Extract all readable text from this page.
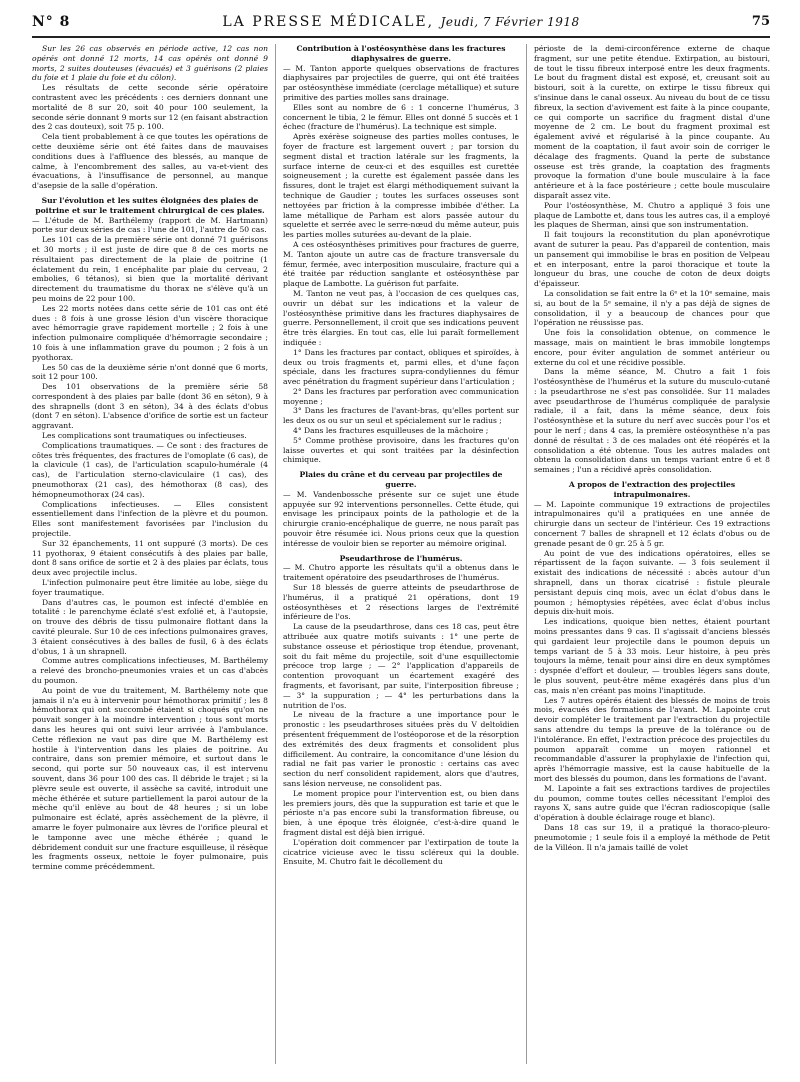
N° 8	LA PRESSE MÉDICALE, Jeudi, 7 Février 1918	75

Sur les 26 cas observés en période active, 12 cas non opérés ont donné 12 morts, 14 cas opérés ont donné 9 morts, 2 suites douteuses (évacués) et 3 guérisons (2 plaies du foie et 1 plaie du foie et du côlon).

Les résultats de cette seconde série opératoire contrastent avec les précédents : ces derniers donnant une mortalité de 8 sur 20, soit 40 pour 100 seulement, la seconde série donnant 9 morts sur 12 (en faisant abstraction des 2 cas douteux), soit 75 p. 100.

Cela tient probablement à ce que toutes les opérations de cette deuxième série ont été faites dans de mauvaises conditions dues à l'affluence des blessés, au manque de calme, à l'encombrement des salles, au va-et-vient des évacuations, à l'insuffisance de personnel, au manque d'asepsie de la salle d'opération.

Sur l'évolution et les suites éloignées des plaies de poitrine et sur le traitement chirurgical de ces plaies.

— L'étude de M. Barthélemy (rapport de M. Hartmann) porte sur deux séries de cas : l'une de 101, l'autre de 50 cas.

Les 101 cas de la première série ont donné 71 guérisons et 30 morts ; il est juste de dire que 8 de ces morts ne résultaient pas directement de la plaie de poitrine (1 éclatement du rein, 1 encéphalite par plaie du cerveau, 2 embolies, 6 tétanos), si bien que la mortalité dérivant directement du traumatisme du thorax ne s'élève qu'à un peu moins de 22 pour 100.

Les 22 morts notées dans cette série de 101 cas ont été dues : 8 fois à une grosse lésion d'un viscère thoracique avec hémorragie grave rapidement mortelle ; 2 fois à une infection pulmonaire compliquée d'hémorragie secondaire ; 10 fois à une inflammation grave du poumon ; 2 fois à un pyothorax.

Les 50 cas de la deuxième série n'ont donné que 6 morts, soit 12 pour 100.

Des 101 observations de la première série 58 correspondent à des plaies par balle (dont 36 en séton), 9 à des shrapnells (dont 3 en séton), 34 à des éclats d'obus (dont 7 en séton). L'absence d'orifice de sortie est un facteur aggravant.

Les complications sont traumatiques ou infectieuses.

Complications traumatiques. — Ce sont : des fractures de côtes très fréquentes, des fractures de l'omoplate (6 cas), de la clavicule (1 cas), de l'articulation scapulo-humérale (4 cas), de l'articulation sterno-claviculaire (1 cas), des pneumothorax (21 cas), des hémothorax (8 cas), des hémopneumothorax (24 cas).

Complications infectieuses. — Elles consistent essentiellement dans l'infection de la plèvre et du poumon. Elles sont manifestement favorisées par l'inclusion du projectile.

Sur 32 épanchements, 11 ont suppuré (3 morts). De ces 11 pyothorax, 9 étaient consécutifs à des plaies par balle, dont 8 sans orifice de sortie et 2 à des plaies par éclats, tous deux avec projectile inclus.

L'infection pulmonaire peut être limitée au lobe, siège du foyer traumatique.

Dans d'autres cas, le poumon est infecté d'emblée en totalité : le parenchyme éclaté s'est exfolié et, à l'autopsie, on trouve des débris de tissu pulmonaire flottant dans la cavité pleurale. Sur 10 de ces infections pulmonaires graves, 3 étaient consécutives à des balles de fusil, 6 à des éclats d'obus, 1 à un shrapnell.

Comme autres complications infectieuses, M. Barthélemy a relevé des broncho-pneumonies vraies et un cas d'abcès du poumon.

Au point de vue du traitement, M. Barthélemy note que jamais il n'a eu à intervenir pour hémothorax primitif ; les 8 hémothorax qui ont succombé étaient si choqués qu'on ne pouvait songer à la moindre intervention ; tous sont morts dans les heures qui ont suivi leur arrivée à l'ambulance. Cette réflexion ne vaut pas dire que M. Barthélemy est hostile à l'intervention dans les plaies de poitrine. Au contraire, dans son premier mémoire, et surtout dans le second, qui porte sur 50 nouveaux cas, il est intervenu souvent, dans 36 pour 100 des cas. Il débride le trajet ; si la plèvre seule est ouverte, il assèche sa cavité, introduit une mèche éthérée et suture partiellement la paroi autour de la mèche qu'il enlève au bout de 48 heures ; si un lobe pulmonaire est éclaté, après assèchement de la plèvre, il amarre le foyer pulmonaire aux lèvres de l'orifice pleural et le tamponne avec une mèche éthérée ; quand le débridement conduit sur une fracture esquilleuse, il résèque les fragments osseux, nettoie le foyer pulmonaire, puis termine comme précédemment.

Contribution à l'ostéosynthèse dans les fractures diaphysaires de guerre.

— M. Tanton apporte quelques observations de fractures diaphysaires par projectiles de guerre, qui ont été traitées par ostéosynthèse immédiate (cerclage métallique) et suture primitive des parties molles sans drainage.

Elles sont au nombre de 6 : 1 concerne l'humérus, 3 concernent le tibia, 2 le fémur. Elles ont donné 5 succès et 1 échec (fracture de l'humérus). La technique est simple.

Après exérèse soigneuse des parties molles contuses, le foyer de fracture est largement ouvert ; par torsion du segment distal et traction latérale sur les fragments, la surface interne de ceux-ci et des esquilles est curettée soigneusement ; la curette est également passée dans les fissures, dont le trajet est élargi méthodiquement suivant la technique de Gaudier ; toutes les surfaces osseuses sont nettoyées par friction à la compresse imbibée d'éther. La lame métallique de Parham est alors passée autour du squelette et serrée avec le serre-nœud du même auteur, puis les parties molles suturées au-devant de la plaie.

A ces ostéosynthèses primitives pour fractures de guerre, M. Tanton ajoute un autre cas de fracture transversale du fémur, fermée, avec interposition musculaire, fracture qui a été traitée par réduction sanglante et ostéosynthèse par plaque de Lambotte. La guérison fut parfaite.

M. Tanton ne veut pas, à l'occasion de ces quelques cas, ouvrir un débat sur les indications et la valeur de l'ostéosynthèse primitive dans les fractures diaphysaires de guerre. Personnellement, il croit que ses indications peuvent être très élargies. En tout cas, elle lui paraît formellement indiquée :

1° Dans les fractures par contact, obliques et spiroïdes, à deux ou trois fragments et, parmi elles, et d'une façon spéciale, dans les fractures supra-condyliennes du fémur avec pénétration du fragment supérieur dans l'articulation ;

2° Dans les fractures par perforation avec communication moyenne ;

3° Dans les fractures de l'avant-bras, qu'elles portent sur les deux os ou sur un seul et spécialement sur le radius ;

4° Dans les fractures esquilleuses de la mâchoire ;

5° Comme prothèse provisoire, dans les fractures qu'on laisse ouvertes et qui sont traitées par la désinfection chimique.

Plaies du crâne et du cerveau par projectiles de guerre.

— M. Vandenbossche présente sur ce sujet une étude appuyée sur 92 interventions personnelles. Cette étude, qui envisage les principaux points de la pathologie et de la chirurgie cranio-encéphalique de guerre, ne nous paraît pas pouvoir être résumée ici. Nous prions ceux que la question intéresse de vouloir bien se reporter au mémoire original.

Pseudarthrose de l'humérus.

— M. Chutro apporte les résultats qu'il a obtenus dans le traitement opératoire des pseudarthroses de l'humérus.

Sur 18 blessés de guerre atteints de pseudarthrose de l'humérus, il a pratiqué 21 opérations, dont 19 ostéosynthèses et 2 résections larges de l'extrémité inférieure de l'os.

La cause de la pseudarthrose, dans ces 18 cas, peut être attribuée aux quatre motifs suivants : 1° une perte de substance osseuse et périostique trop étendue, provenant, soit du fait même du projectile, soit d'une esquillectomie précoce trop large ; — 2° l'application d'appareils de contention provoquant un écartement exagéré des fragments, et favorisant, par suite, l'interposition fibreuse ; — 3° la suppuration ; — 4° les perturbations dans la nutrition de l'os.

Le niveau de la fracture a une importance pour le pronostic : les pseudarthroses situées près du V deltoïdien présentent fréquemment de l'ostéoporose et de la résorption des extrémités des deux fragments et consolident plus difficilement. Au contraire, la concomitance d'une lésion du radial ne fait pas varier le pronostic : certains cas avec section du nerf consolident rapidement, alors que d'autres, sans lésion nerveuse, ne consolident pas.

Le moment propice pour l'intervention est, ou bien dans les premiers jours, dès que la suppuration est tarie et que le périoste n'a pas encore subi la transformation fibreuse, ou bien, à une époque très éloignée, c'est-à-dire quand le fragment distal est déjà bien irrigué.

L'opération doit commencer par l'extirpation de toute la cicatrice vicieuse avec le tissu scléreux qui la double. Ensuite, M. Chutro fait le décollement du

périoste de la demi-circonférence externe de chaque fragment, sur une petite étendue. Extirpation, au bistouri, de tout le tissu fibreux interposé entre les deux fragments. Le bout du fragment distal est exposé, et, creusant soit au bistouri, soit à la curette, on extirpe le tissu fibreux qui s'insinue dans le canal osseux. Au niveau du bout de ce tissu fibreux, la section d'avivement est faite à la pince coupante, ce qui comporte un sacrifice du fragment distal d'une moyenne de 2 cm. Le bout du fragment proximal est également avivé et régularisé à la pince coupante. Au moment de la coaptation, il faut avoir soin de corriger le décalage des fragments. Quand la perte de substance osseuse est très grande, la coaptation des fragments provoque la formation d'une boule musculaire à la face antérieure et à la face postérieure ; cette boule musculaire disparaît assez vite.

Pour l'ostéosynthèse, M. Chutro a appliqué 3 fois une plaque de Lambotte et, dans tous les autres cas, il a employé les plaques de Sherman, ainsi que son instrumentation.

Il fait toujours la reconstitution du plan aponévrotique avant de suturer la peau. Pas d'appareil de contention, mais un pansement qui immobilise le bras en position de Velpeau et en interposant, entre la paroi thoracique et toute la longueur du bras, une couche de coton de deux doigts d'épaisseur.

La consolidation se fait entre la 6ᵉ et la 10ᵉ semaine, mais si, au bout de la 5ᵉ semaine, il n'y a pas déjà de signes de consolidation, il y a beaucoup de chances pour que l'opération ne réussisse pas.

Une fois la consolidation obtenue, on commence le massage, mais on maintient le bras immobile longtemps encore, pour éviter angulation de sommet antérieur ou externe du col et une récidive possible.

Dans la même séance, M. Chutro a fait 1 fois l'ostéosynthèse de l'humérus et la suture du musculo-cutané : la pseudarthrose ne s'est pas consolidée. Sur 11 malades avec pseudarthrose de l'humérus compliquée de paralysie radiale, il a fait, dans la même séance, deux fois l'ostéosynthèse et la suture du nerf avec succès pour l'os et pour le nerf ; dans 4 cas, la première ostéosynthèse n'a pas donné de résultat : 3 de ces malades ont été réopérés et la consolidation a été obtenue. Tous les autres malades ont obtenu la consolidation dans un temps variant entre 6 et 8 semaines ; l'un a récidivé après consolidation.

A propos de l'extraction des projectiles intrapulmonaires.

— M. Lapointe communique 19 extractions de projectiles intrapulmonaires qu'il a pratiquées en une année de chirurgie dans un secteur de l'intérieur. Ces 19 extractions concernent 7 balles de shrapnell et 12 éclats d'obus ou de grenade pesant de 0 gr. 25 à 5 gr.

Au point de vue des indications opératoires, elles se répartissent de la façon suivante. — 3 fois seulement il existait des indications de nécessité : abcès autour d'un shrapnell, dans un thorax cicatrisé : fistule pleurale persistant depuis cinq mois, avec un éclat d'obus dans le poumon ; hémoptysies répétées, avec éclat d'obus inclus depuis dix-huit mois.

Les indications, quoique bien nettes, étaient pourtant moins pressantes dans 9 cas. Il s'agissait d'anciens blessés qui gardaient leur projectile dans le poumon depuis un temps variant de 5 à 33 mois. Leur histoire, à peu près toujours la même, tenait pour ainsi dire en deux symptômes : dyspnée d'effort et douleur, — troubles légers sans doute, le plus souvent, peut-être même exagérés dans plus d'un cas, mais n'en créant pas moins l'inaptitude.

Les 7 autres opérés étaient des blessés de moins de trois mois, évacués des formations de l'avant. M. Lapointe crut devoir compléter le traitement par l'extraction du projectile sans attendre du temps la preuve de la tolérance ou de l'intolérance. En effet, l'extraction précoce des projectiles du poumon apparaît comme un moyen rationnel et recommandable d'assurer la prophylaxie de l'infection qui, après l'hémorragie massive, est la cause habituelle de la mort des blessés du poumon, dans les formations de l'avant.

M. Lapointe a fait ses extractions tardives de projectiles du poumon, comme toutes celles nécessitant l'emploi des rayons X, sans autre guide que l'écran radioscopique (salle d'opération à double éclairage rouge et blanc).

Dans 18 cas sur 19, il a pratiqué la thoraco-pleuro-pneumotomie ; 1 seule fois il a employé la méthode de Petit de la Villéon. Il n'a jamais taillé de volet
